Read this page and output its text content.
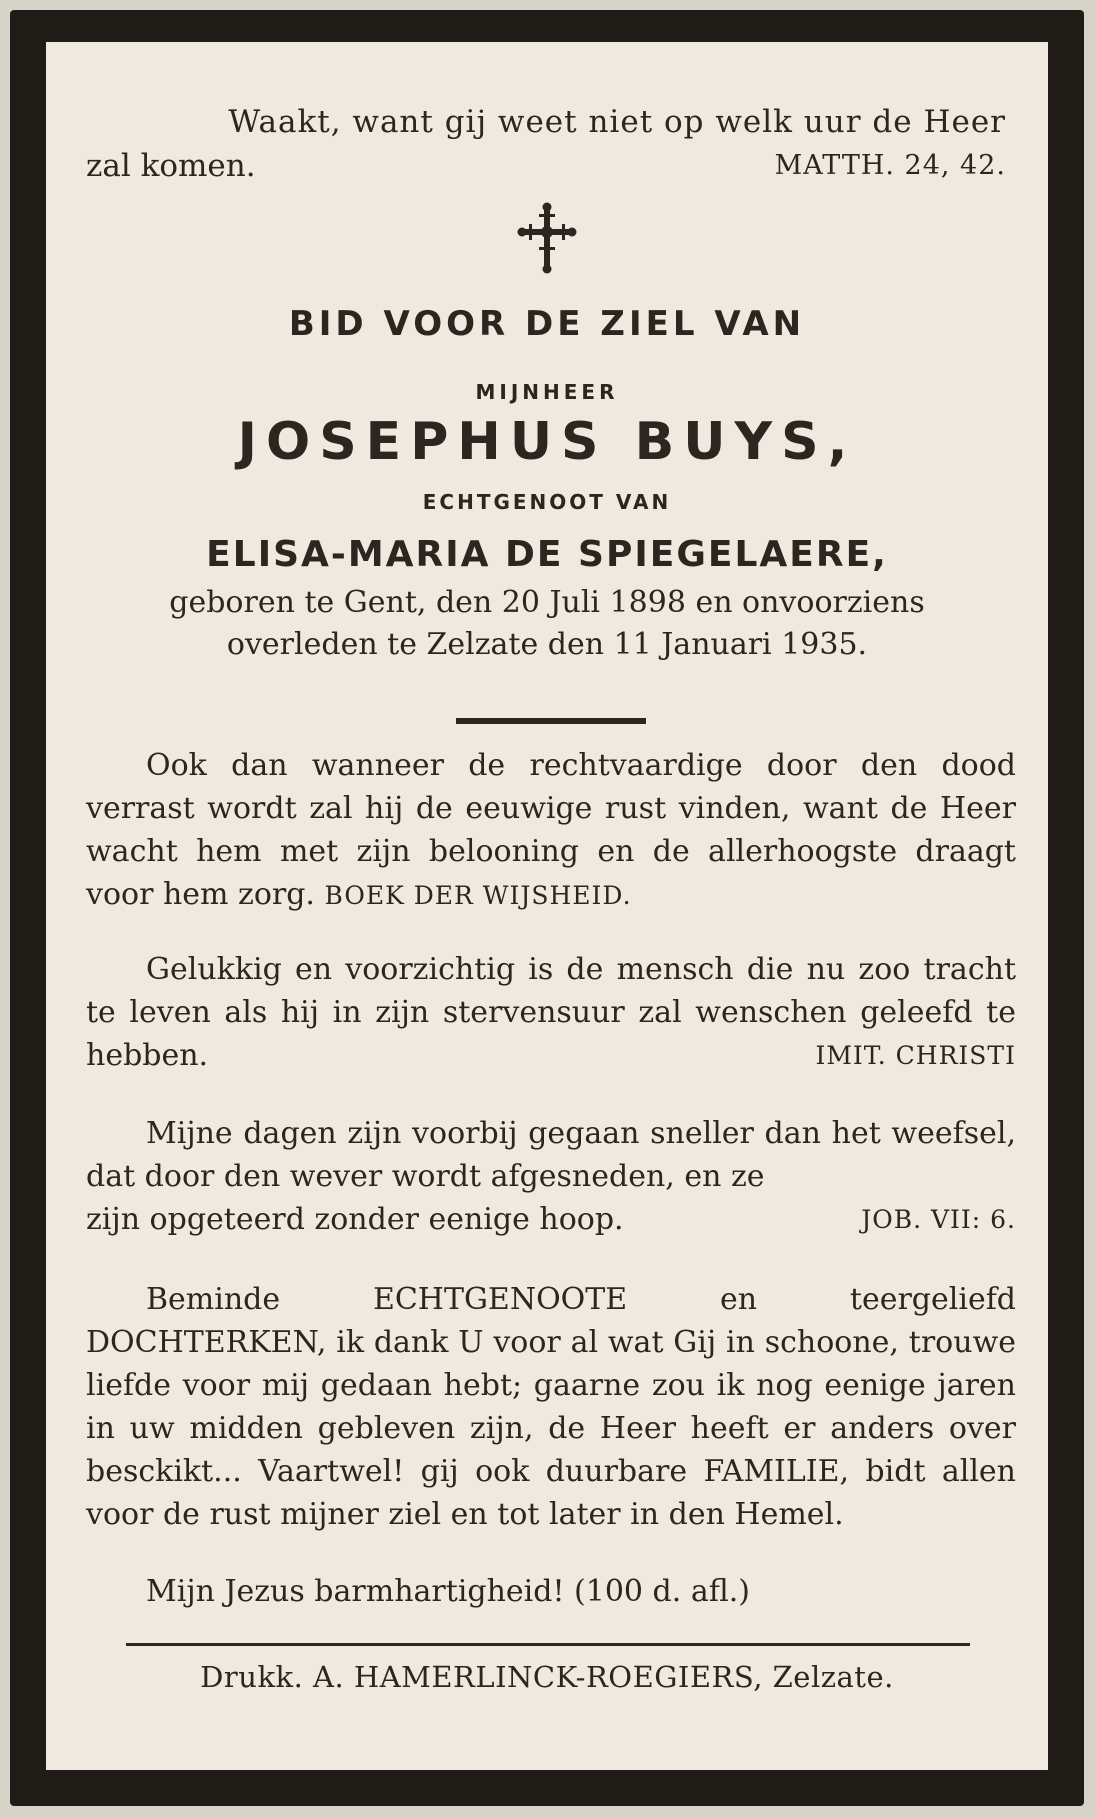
Waakt, want gij weet niet op welk uur de Heer
zal komen.	MATTH. 24, 42.
BID VOOR DE ZIEL VAN
MIJNHEER
JOSEPHUS BUYS,
ECHTGENOOT VAN
ELISA-MARIA DE SPIEGELAERE,
geboren te Gent, den 20 Juli 1898 en onvoorziens
overleden te Zelzate den 11 Januari 1935.

Ook dan wanneer de rechtvaardige door den dood verrast wordt zal hij de eeuwige rust vinden, want de Heer wacht hem met zijn belooning en de allerhoogste draagt voor hem zorg. BOEK DER WIJSHEID.

Gelukkig en voorzichtig is de mensch die nu zoo tracht te leven als hij in zijn stervensuur zal wenschen geleefd te hebben.	IMIT. CHRISTI

Mijne dagen zijn voorbij gegaan sneller dan het weefsel, dat door den wever wordt afgesneden, en ze

zijn opgeteerd zonder eenige hoop.	JOB. VII: 6.

Beminde ECHTGENOOTE en teergeliefd DOCHTERKEN, ik dank U voor al wat Gij in schoone, trouwe liefde voor mij gedaan hebt; gaarne zou ik nog eenige jaren in uw midden gebleven zijn, de Heer heeft er anders over besckikt... Vaartwel! gij ook duurbare FAMILIE, bidt allen voor de rust mijner ziel en tot later in den Hemel.

Mijn Jezus barmhartigheid! (100 d. afl.)
Drukk. A. HAMERLINCK-ROEGIERS, Zelzate.
